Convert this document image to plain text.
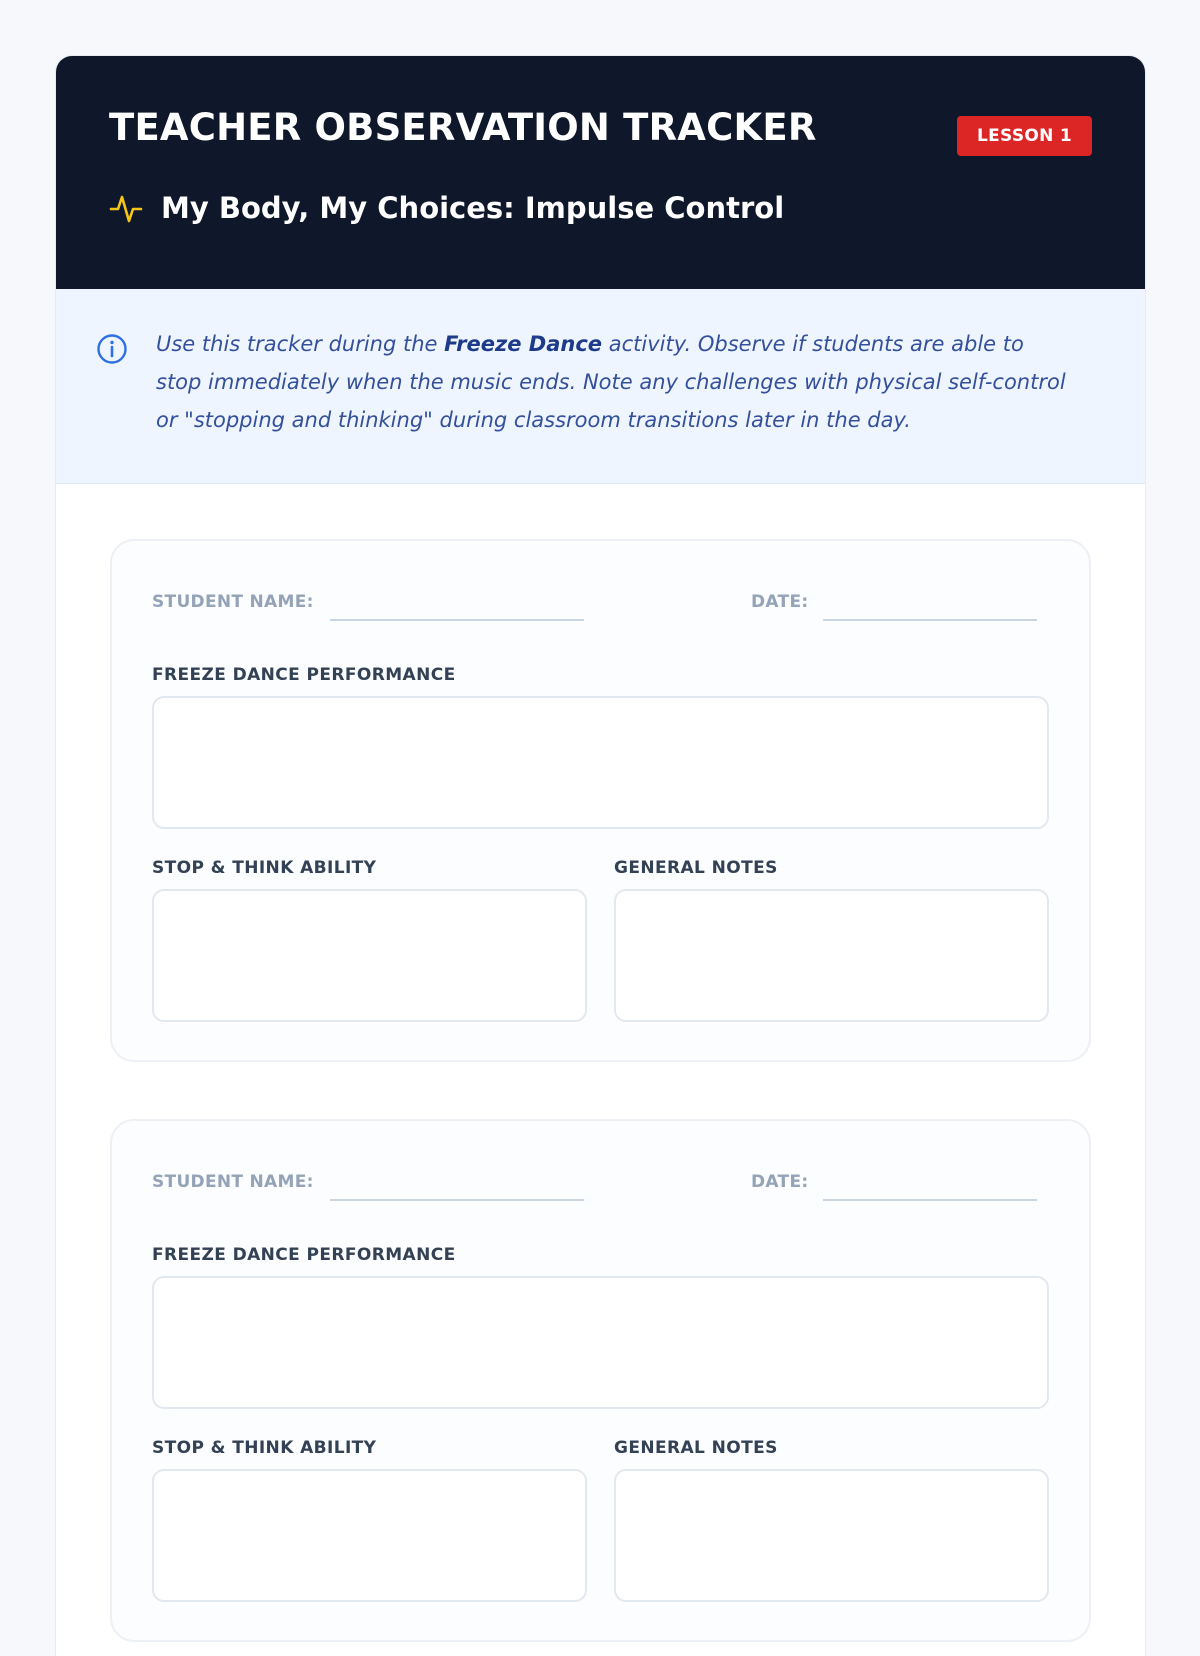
TEACHER OBSERVATION TRACKER	LESSON 1
My Body, My Choices: Impulse Control

Use this tracker during the Freeze Dance activity. Observe if students are able to stop immediately when the music ends. Note any challenges with physical self-control or "stopping and thinking" during classroom transitions later in the day.

STUDENT NAME:	DATE:
FREEZE DANCE PERFORMANCE
STOP & THINK ABILITY	GENERAL NOTES
STUDENT NAME:	DATE:
FREEZE DANCE PERFORMANCE
STOP & THINK ABILITY	GENERAL NOTES
